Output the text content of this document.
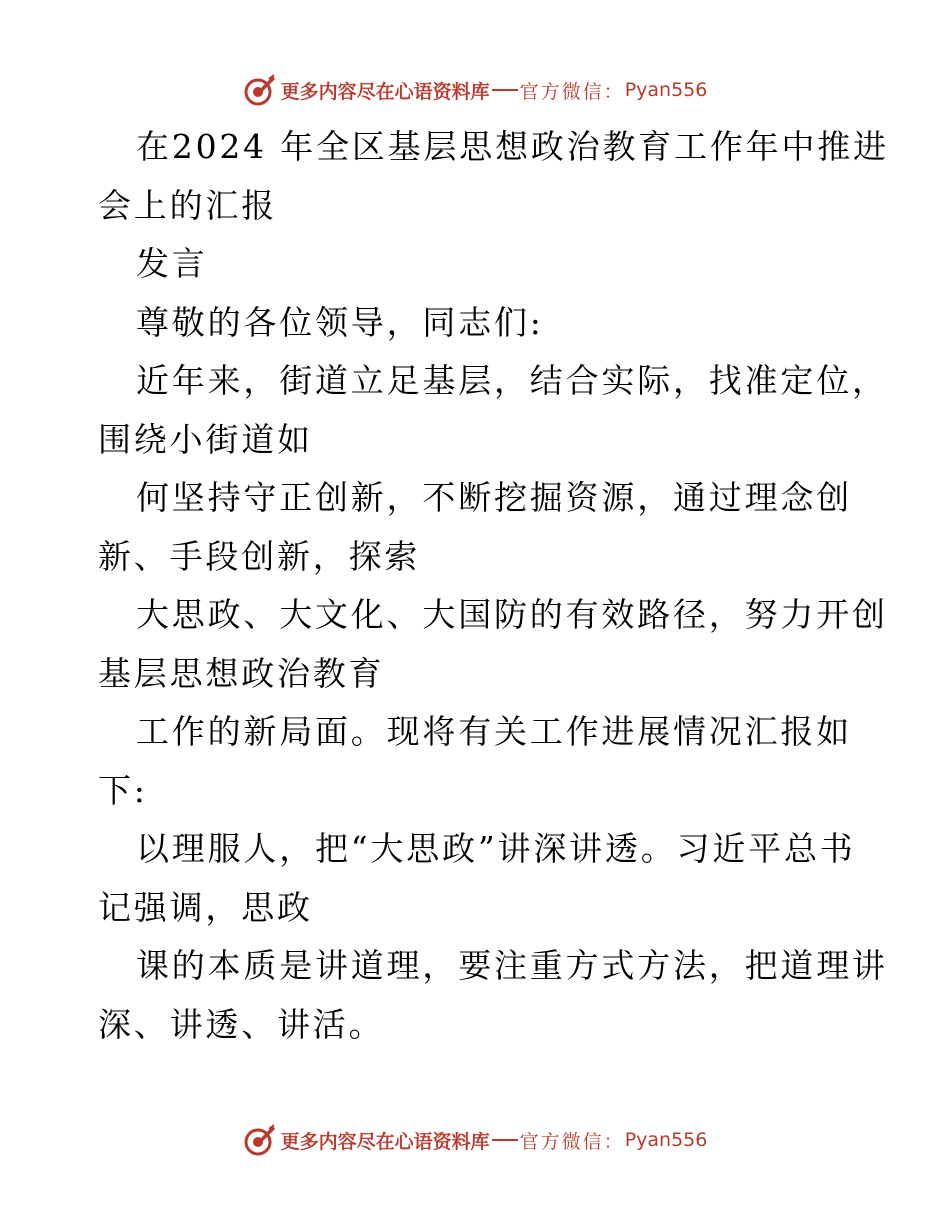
更多内容尽在心语资料库 官方微信： Pyan556
在2024 年全区基层思想政治教育工作年中推进
会上的汇报
发言
尊敬的各位领导，同志们:
近年来，街道立足基层，结合实际，找准定位，
围绕小街道如
何坚持守正创新，不断挖掘资源，通过理念创
新、手段创新，探索
大思政、大文化、大国防的有效路径，努力开创
基层思想政治教育
工作的新局面。现将有关工作进展情况汇报如
下:
以理服人，把“大思政”讲深讲透。习近平总书
记强调，思政
课的本质是讲道理，要注重方式方法，把道理讲
深、讲透、讲活。
更多内容尽在心语资料库 官方微信： Pyan556
